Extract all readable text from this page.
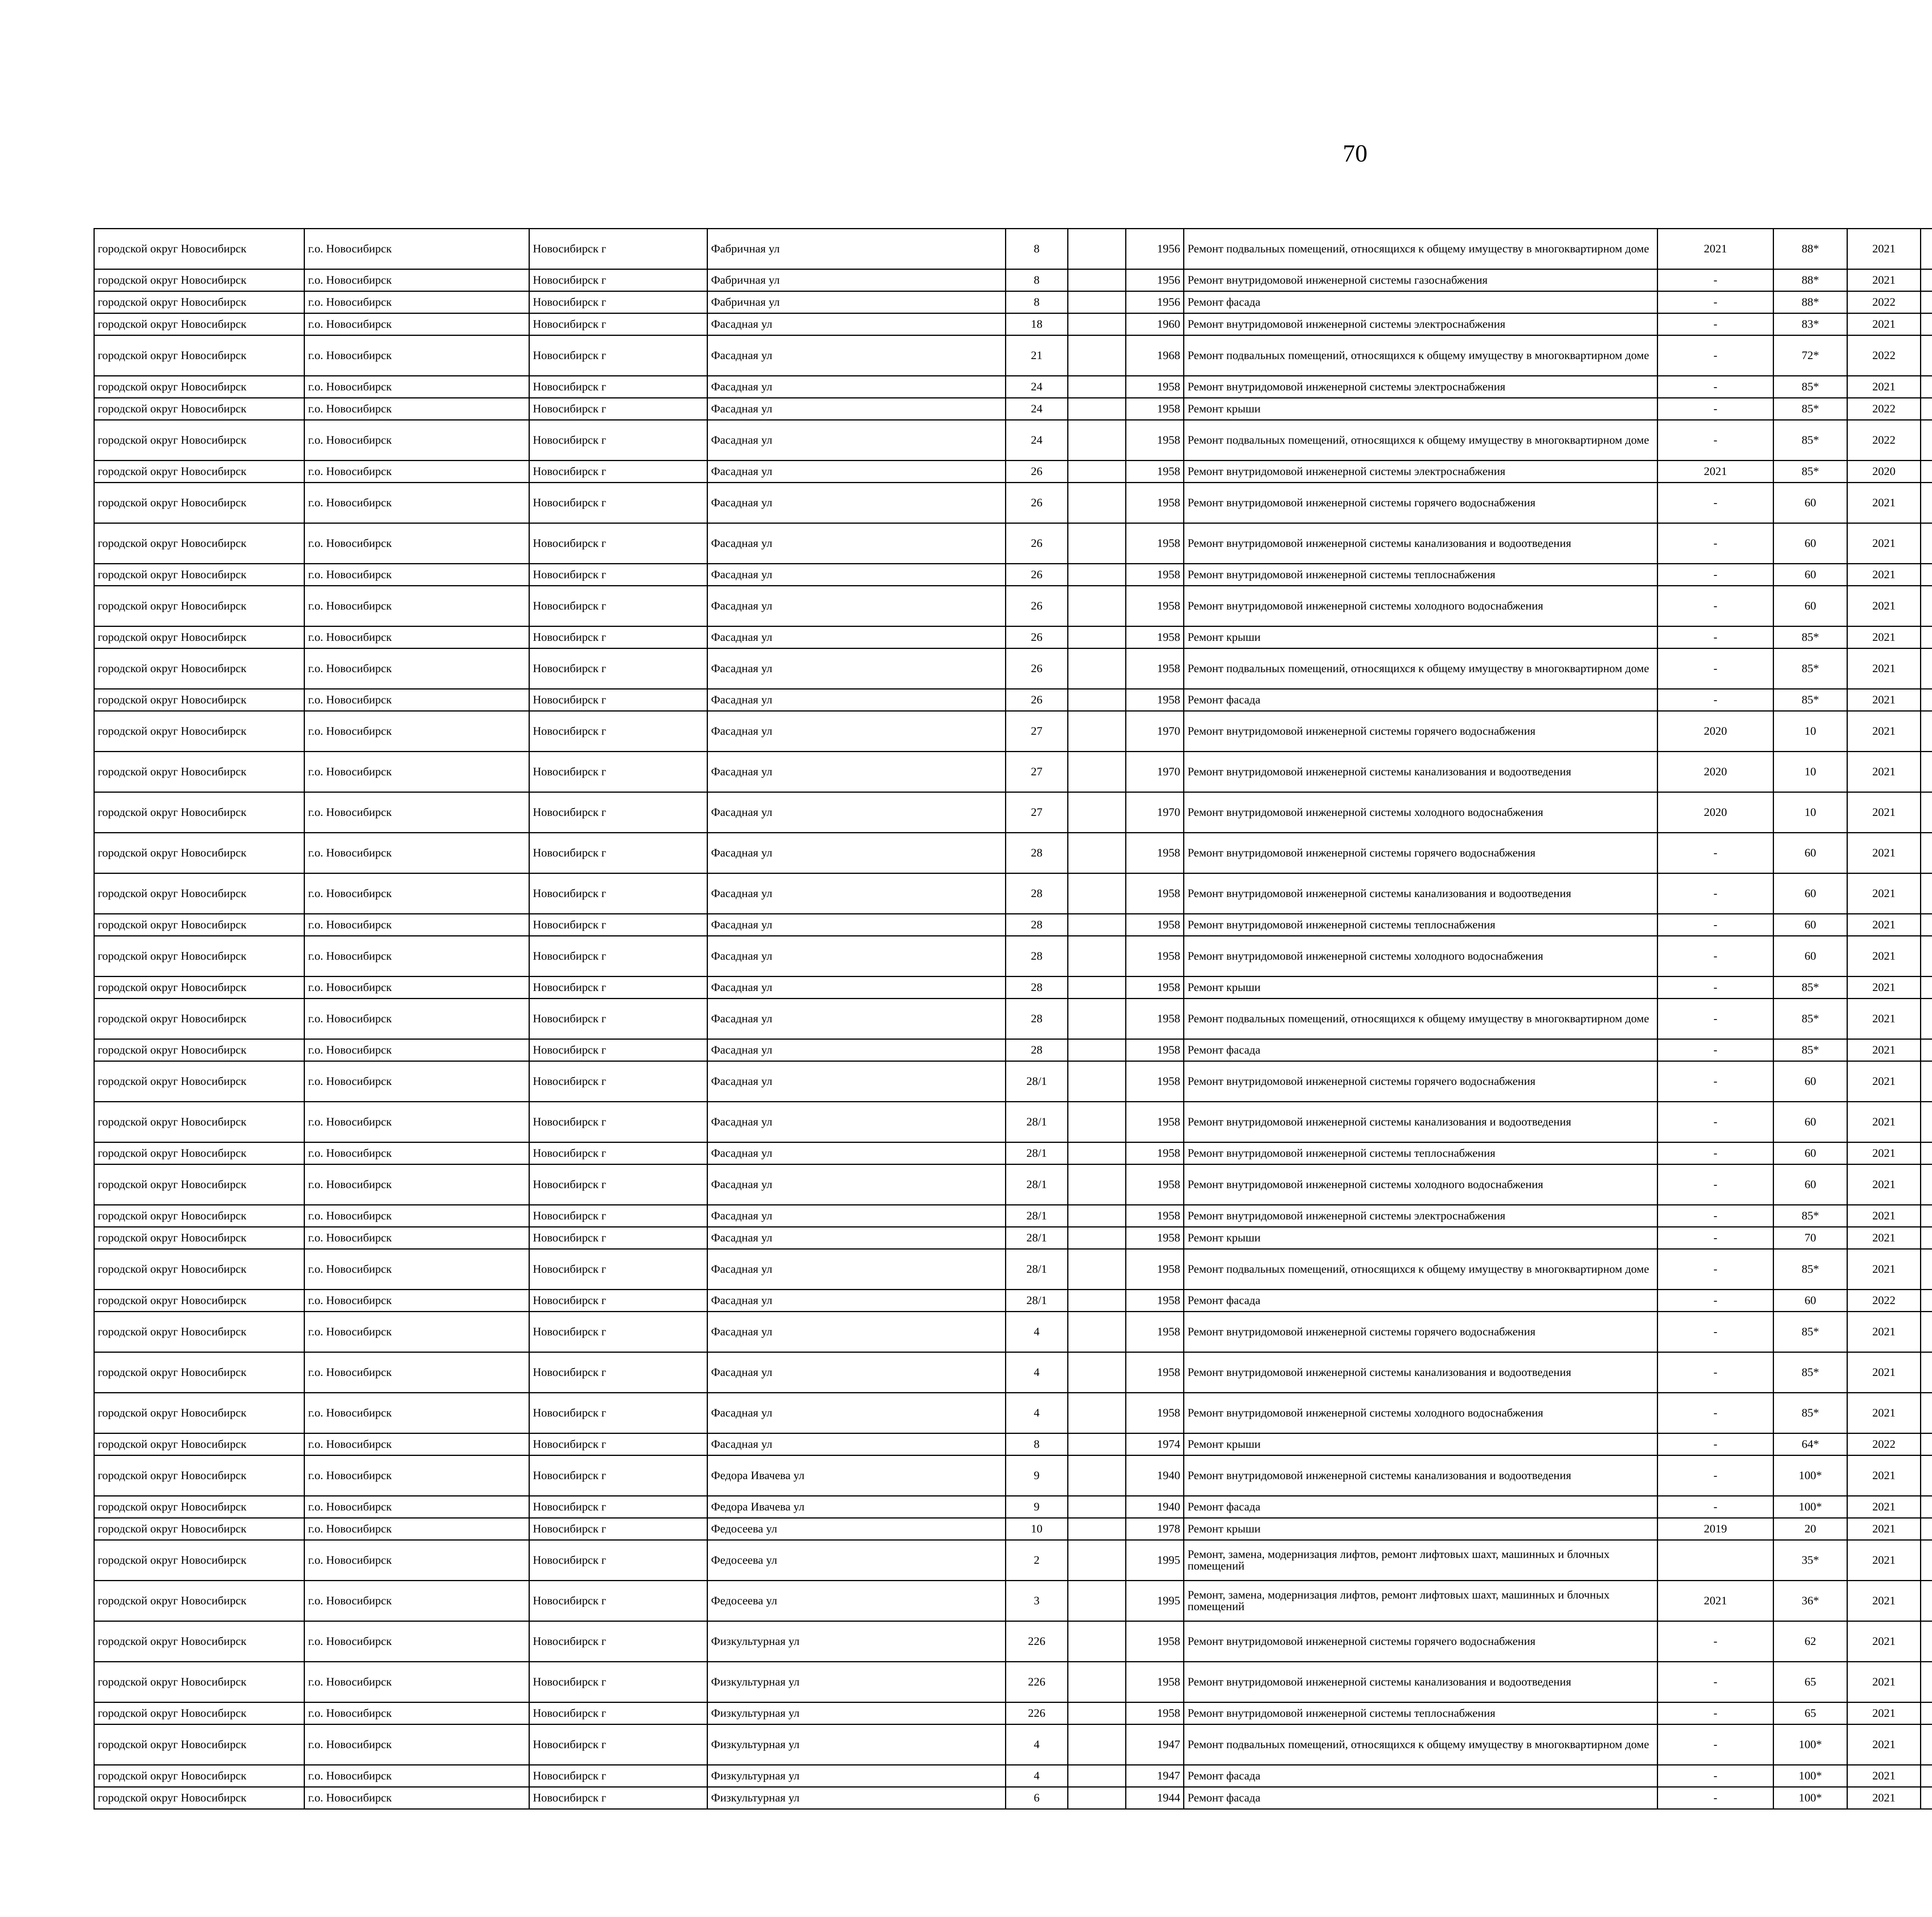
70
городской округ Новосибирск	г.о. Новосибирск	Новосибирск г	Фабричная ул	8		1956	Ремонт подвальных помещений, относящихся к общему имуществу в многоквартирном доме	2021	88*	2021							
городской округ Новосибирск	г.о. Новосибирск	Новосибирск г	Фабричная ул	8		1956	Ремонт внутридомовой инженерной системы газоснабжения	-	88*	2021							
городской округ Новосибирск	г.о. Новосибирск	Новосибирск г	Фабричная ул	8		1956	Ремонт фасада	-	88*	2022							
городской округ Новосибирск	г.о. Новосибирск	Новосибирск г	Фасадная ул	18		1960	Ремонт внутридомовой инженерной системы электроснабжения	-	83*	2021							
городской округ Новосибирск	г.о. Новосибирск	Новосибирск г	Фасадная ул	21		1968	Ремонт подвальных помещений, относящихся к общему имуществу в многоквартирном доме	-	72*	2022							
городской округ Новосибирск	г.о. Новосибирск	Новосибирск г	Фасадная ул	24		1958	Ремонт внутридомовой инженерной системы электроснабжения	-	85*	2021							
городской округ Новосибирск	г.о. Новосибирск	Новосибирск г	Фасадная ул	24		1958	Ремонт крыши	-	85*	2022							
городской округ Новосибирск	г.о. Новосибирск	Новосибирск г	Фасадная ул	24		1958	Ремонт подвальных помещений, относящихся к общему имуществу в многоквартирном доме	-	85*	2022							
городской округ Новосибирск	г.о. Новосибирск	Новосибирск г	Фасадная ул	26		1958	Ремонт внутридомовой инженерной системы электроснабжения	2021	85*	2020							
городской округ Новосибирск	г.о. Новосибирск	Новосибирск г	Фасадная ул	26		1958	Ремонт внутридомовой инженерной системы горячего водоснабжения	-	60	2021							
городской округ Новосибирск	г.о. Новосибирск	Новосибирск г	Фасадная ул	26		1958	Ремонт внутридомовой инженерной системы канализования и водоотведения	-	60	2021							
городской округ Новосибирск	г.о. Новосибирск	Новосибирск г	Фасадная ул	26		1958	Ремонт внутридомовой инженерной системы теплоснабжения	-	60	2021							
городской округ Новосибирск	г.о. Новосибирск	Новосибирск г	Фасадная ул	26		1958	Ремонт внутридомовой инженерной системы холодного водоснабжения	-	60	2021							
городской округ Новосибирск	г.о. Новосибирск	Новосибирск г	Фасадная ул	26		1958	Ремонт крыши	-	85*	2021							
городской округ Новосибирск	г.о. Новосибирск	Новосибирск г	Фасадная ул	26		1958	Ремонт подвальных помещений, относящихся к общему имуществу в многоквартирном доме	-	85*	2021							
городской округ Новосибирск	г.о. Новосибирск	Новосибирск г	Фасадная ул	26		1958	Ремонт фасада	-	85*	2021							
городской округ Новосибирск	г.о. Новосибирск	Новосибирск г	Фасадная ул	27		1970	Ремонт внутридомовой инженерной системы горячего водоснабжения	2020	10	2021							
городской округ Новосибирск	г.о. Новосибирск	Новосибирск г	Фасадная ул	27		1970	Ремонт внутридомовой инженерной системы канализования и водоотведения	2020	10	2021							
городской округ Новосибирск	г.о. Новосибирск	Новосибирск г	Фасадная ул	27		1970	Ремонт внутридомовой инженерной системы холодного водоснабжения	2020	10	2021							
городской округ Новосибирск	г.о. Новосибирск	Новосибирск г	Фасадная ул	28		1958	Ремонт внутридомовой инженерной системы горячего водоснабжения	-	60	2021							
городской округ Новосибирск	г.о. Новосибирск	Новосибирск г	Фасадная ул	28		1958	Ремонт внутридомовой инженерной системы канализования и водоотведения	-	60	2021							
городской округ Новосибирск	г.о. Новосибирск	Новосибирск г	Фасадная ул	28		1958	Ремонт внутридомовой инженерной системы теплоснабжения	-	60	2021							
городской округ Новосибирск	г.о. Новосибирск	Новосибирск г	Фасадная ул	28		1958	Ремонт внутридомовой инженерной системы холодного водоснабжения	-	60	2021							
городской округ Новосибирск	г.о. Новосибирск	Новосибирск г	Фасадная ул	28		1958	Ремонт крыши	-	85*	2021							
городской округ Новосибирск	г.о. Новосибирск	Новосибирск г	Фасадная ул	28		1958	Ремонт подвальных помещений, относящихся к общему имуществу в многоквартирном доме	-	85*	2021							
городской округ Новосибирск	г.о. Новосибирск	Новосибирск г	Фасадная ул	28		1958	Ремонт фасада	-	85*	2021							
городской округ Новосибирск	г.о. Новосибирск	Новосибирск г	Фасадная ул	28/1		1958	Ремонт внутридомовой инженерной системы горячего водоснабжения	-	60	2021							
городской округ Новосибирск	г.о. Новосибирск	Новосибирск г	Фасадная ул	28/1		1958	Ремонт внутридомовой инженерной системы канализования и водоотведения	-	60	2021							
городской округ Новосибирск	г.о. Новосибирск	Новосибирск г	Фасадная ул	28/1		1958	Ремонт внутридомовой инженерной системы теплоснабжения	-	60	2021							
городской округ Новосибирск	г.о. Новосибирск	Новосибирск г	Фасадная ул	28/1		1958	Ремонт внутридомовой инженерной системы холодного водоснабжения	-	60	2021							
городской округ Новосибирск	г.о. Новосибирск	Новосибирск г	Фасадная ул	28/1		1958	Ремонт внутридомовой инженерной системы электроснабжения	-	85*	2021							
городской округ Новосибирск	г.о. Новосибирск	Новосибирск г	Фасадная ул	28/1		1958	Ремонт крыши	-	70	2021							
городской округ Новосибирск	г.о. Новосибирск	Новосибирск г	Фасадная ул	28/1		1958	Ремонт подвальных помещений, относящихся к общему имуществу в многоквартирном доме	-	85*	2021							
городской округ Новосибирск	г.о. Новосибирск	Новосибирск г	Фасадная ул	28/1		1958	Ремонт фасада	-	60	2022							
городской округ Новосибирск	г.о. Новосибирск	Новосибирск г	Фасадная ул	4		1958	Ремонт внутридомовой инженерной системы горячего водоснабжения	-	85*	2021							
городской округ Новосибирск	г.о. Новосибирск	Новосибирск г	Фасадная ул	4		1958	Ремонт внутридомовой инженерной системы канализования и водоотведения	-	85*	2021							
городской округ Новосибирск	г.о. Новосибирск	Новосибирск г	Фасадная ул	4		1958	Ремонт внутридомовой инженерной системы холодного водоснабжения	-	85*	2021							
городской округ Новосибирск	г.о. Новосибирск	Новосибирск г	Фасадная ул	8		1974	Ремонт крыши	-	64*	2022							
городской округ Новосибирск	г.о. Новосибирск	Новосибирск г	Федора Ивачева ул	9		1940	Ремонт внутридомовой инженерной системы канализования и водоотведения	-	100*	2021							
городской округ Новосибирск	г.о. Новосибирск	Новосибирск г	Федора Ивачева ул	9		1940	Ремонт фасада	-	100*	2021							
городской округ Новосибирск	г.о. Новосибирск	Новосибирск г	Федосеева ул	10		1978	Ремонт крыши	2019	20	2021							
городской округ Новосибирск	г.о. Новосибирск	Новосибирск г	Федосеева ул	2		1995	Ремонт, замена, модернизация лифтов, ремонт лифтовых шахт, машинных и блочных помещений		35*	2021							
городской округ Новосибирск	г.о. Новосибирск	Новосибирск г	Федосеева ул	3		1995	Ремонт, замена, модернизация лифтов, ремонт лифтовых шахт, машинных и блочных помещений	2021	36*	2021							
городской округ Новосибирск	г.о. Новосибирск	Новосибирск г	Физкультурная ул	226		1958	Ремонт внутридомовой инженерной системы горячего водоснабжения	-	62	2021							
городской округ Новосибирск	г.о. Новосибирск	Новосибирск г	Физкультурная ул	226		1958	Ремонт внутридомовой инженерной системы канализования и водоотведения	-	65	2021							
городской округ Новосибирск	г.о. Новосибирск	Новосибирск г	Физкультурная ул	226		1958	Ремонт внутридомовой инженерной системы теплоснабжения	-	65	2021							
городской округ Новосибирск	г.о. Новосибирск	Новосибирск г	Физкультурная ул	4		1947	Ремонт подвальных помещений, относящихся к общему имуществу в многоквартирном доме	-	100*	2021							
городской округ Новосибирск	г.о. Новосибирск	Новосибирск г	Физкультурная ул	4		1947	Ремонт фасада	-	100*	2021							
городской округ Новосибирск	г.о. Новосибирск	Новосибирск г	Физкультурная ул	6		1944	Ремонт фасада	-	100*	2021							
